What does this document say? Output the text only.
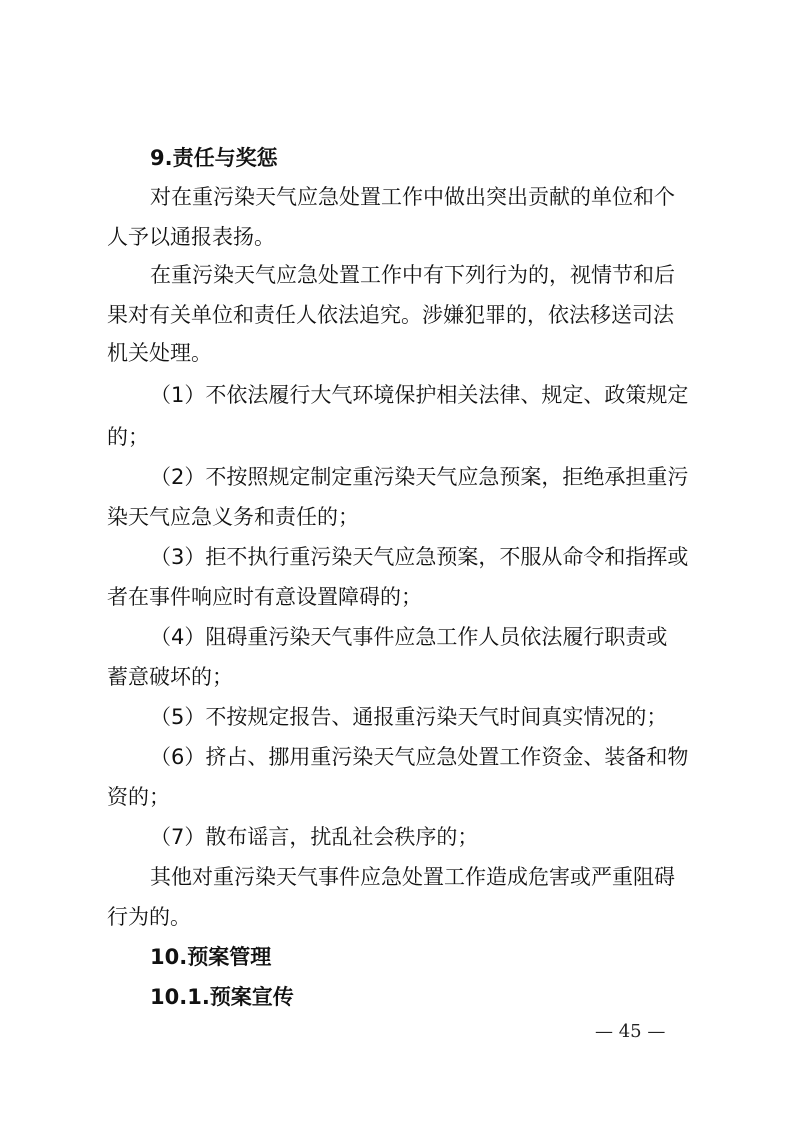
9.责任与奖惩
对在重污染天气应急处置工作中做出突出贡献的单位和个
人予以通报表扬。
在重污染天气应急处置工作中有下列行为的，视情节和后
果对有关单位和责任人依法追究。涉嫌犯罪的，依法移送司法
机关处理。
（1）不依法履行大气环境保护相关法律、规定、政策规定
的；
（2）不按照规定制定重污染天气应急预案，拒绝承担重污
染天气应急义务和责任的；
（3）拒不执行重污染天气应急预案，不服从命令和指挥或
者在事件响应时有意设置障碍的；
（4）阻碍重污染天气事件应急工作人员依法履行职责或
蓄意破坏的；
（5）不按规定报告、通报重污染天气时间真实情况的；
（6）挤占、挪用重污染天气应急处置工作资金、装备和物
资的；
（7）散布谣言，扰乱社会秩序的；
其他对重污染天气事件应急处置工作造成危害或严重阻碍
行为的。
10.预案管理
10.1.预案宣传
— 45 —
